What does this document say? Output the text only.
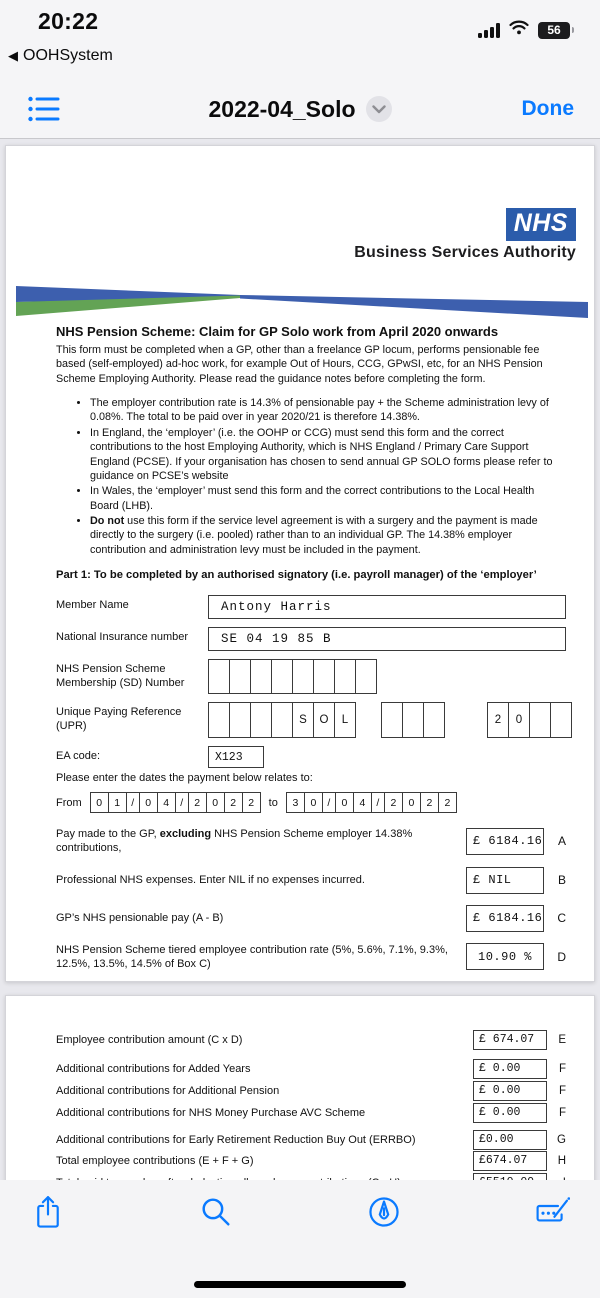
20:22
◀ OOHSystem
56
2022-04_Solo	Done
NHS
Business Services Authority
NHS Pension Scheme: Claim for GP Solo work from April 2020 onwards

This form must be completed when a GP, other than a freelance GP locum, performs pensionable fee based (self-employed) ad-hoc work, for example Out of Hours, CCG, GPwSI, etc, for an NHS Pension Scheme Employing Authority. Please read the guidance notes before completing the form.

• The employer contribution rate is 14.3% of pensionable pay + the Scheme administration levy of 0.08%. The total to be paid over in year 2020/21 is therefore 14.38%.
• In England, the ‘employer’ (i.e. the OOHP or CCG) must send this form and the correct contributions to the host Employing Authority, which is NHS England / Primary Care Support England (PCSE). If your organisation has chosen to send annual GP SOLO forms please refer to guidance on PCSE’s website
• In Wales, the ‘employer’ must send this form and the correct contributions to the Local Health Board (LHB).
• Do not use this form if the service level agreement is with a surgery and the payment is made directly to the surgery (i.e. pooled) rather than to an individual GP. The 14.38% employer contribution and administration levy must be included in the payment.
Part 1: To be completed by an authorised signatory (i.e. payroll manager) of the ‘employer’
Member Name	Antony Harris
National Insurance number	SE 04 19 85 B
NHS Pension Scheme Membership (SD) Number
Unique Paying Reference (UPR)	S	O	L	2	0
EA code:	X123
Please enter the dates the payment below relates to:
From	0	1	/	0	4	/	2	0	2	2	to	3	0	/	0	4	/	2	0	2	2
Pay made to the GP, excluding NHS Pension Scheme employer 14.38% contributions,	£ 6184.16	A
Professional NHS expenses. Enter NIL if no expenses incurred.	£ NIL	B
GP’s NHS pensionable pay (A - B)	£ 6184.16	C
NHS Pension Scheme tiered employee contribution rate (5%, 5.6%, 7.1%, 9.3%, 12.5%, 13.5%, 14.5% of Box C)	10.90 %	D
Employee contribution amount (C x D)	£ 674.07	E
Additional contributions for Added Years	£ 0.00	F
Additional contributions for Additional Pension	£ 0.00	F
Additional contributions for NHS Money Purchase AVC Scheme	£ 0.00	F
Additional contributions for Early Retirement Reduction Buy Out (ERRBO)	£0.00	G
Total employee contributions (E + F + G)	£674.07	H
